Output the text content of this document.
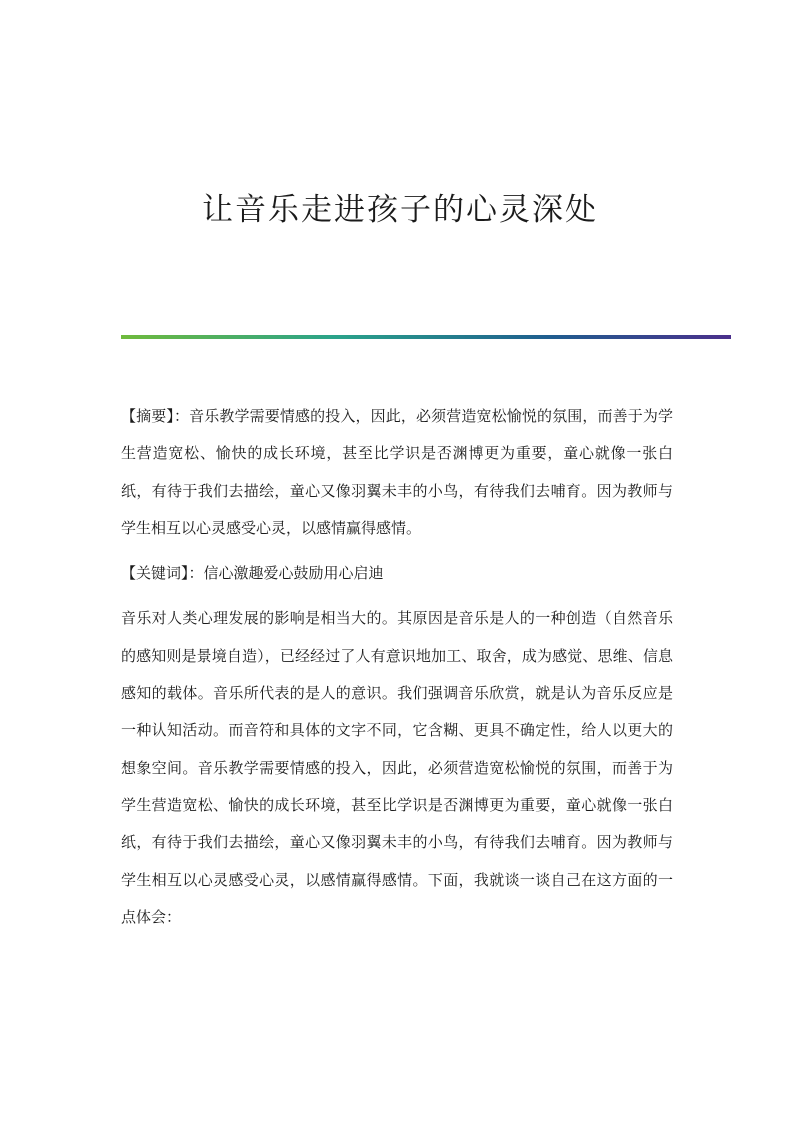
让音乐走进孩子的心灵深处

【摘要】：音乐教学需要情感的投入，因此，必须营造宽松愉悦的氛围，而善于为学生营造宽松、愉快的成长环境，甚至比学识是否渊博更为重要，童心就像一张白纸，有待于我们去描绘，童心又像羽翼未丰的小鸟，有待我们去哺育。因为教师与学生相互以心灵感受心灵，以感情赢得感情。

【关键词】：信心激趣爱心鼓励用心启迪

音乐对人类心理发展的影响是相当大的。其原因是音乐是人的一种创造（自然音乐的感知则是景境自造），已经经过了人有意识地加工、取舍，成为感觉、思维、信息感知的载体。音乐所代表的是人的意识。我们强调音乐欣赏，就是认为音乐反应是一种认知活动。而音符和具体的文字不同，它含糊、更具不确定性，给人以更大的想象空间。音乐教学需要情感的投入，因此，必须营造宽松愉悦的氛围，而善于为学生营造宽松、愉快的成长环境，甚至比学识是否渊博更为重要，童心就像一张白纸，有待于我们去描绘，童心又像羽翼未丰的小鸟，有待我们去哺育。因为教师与学生相互以心灵感受心灵，以感情赢得感情。下面，我就谈一谈自己在这方面的一点体会：
